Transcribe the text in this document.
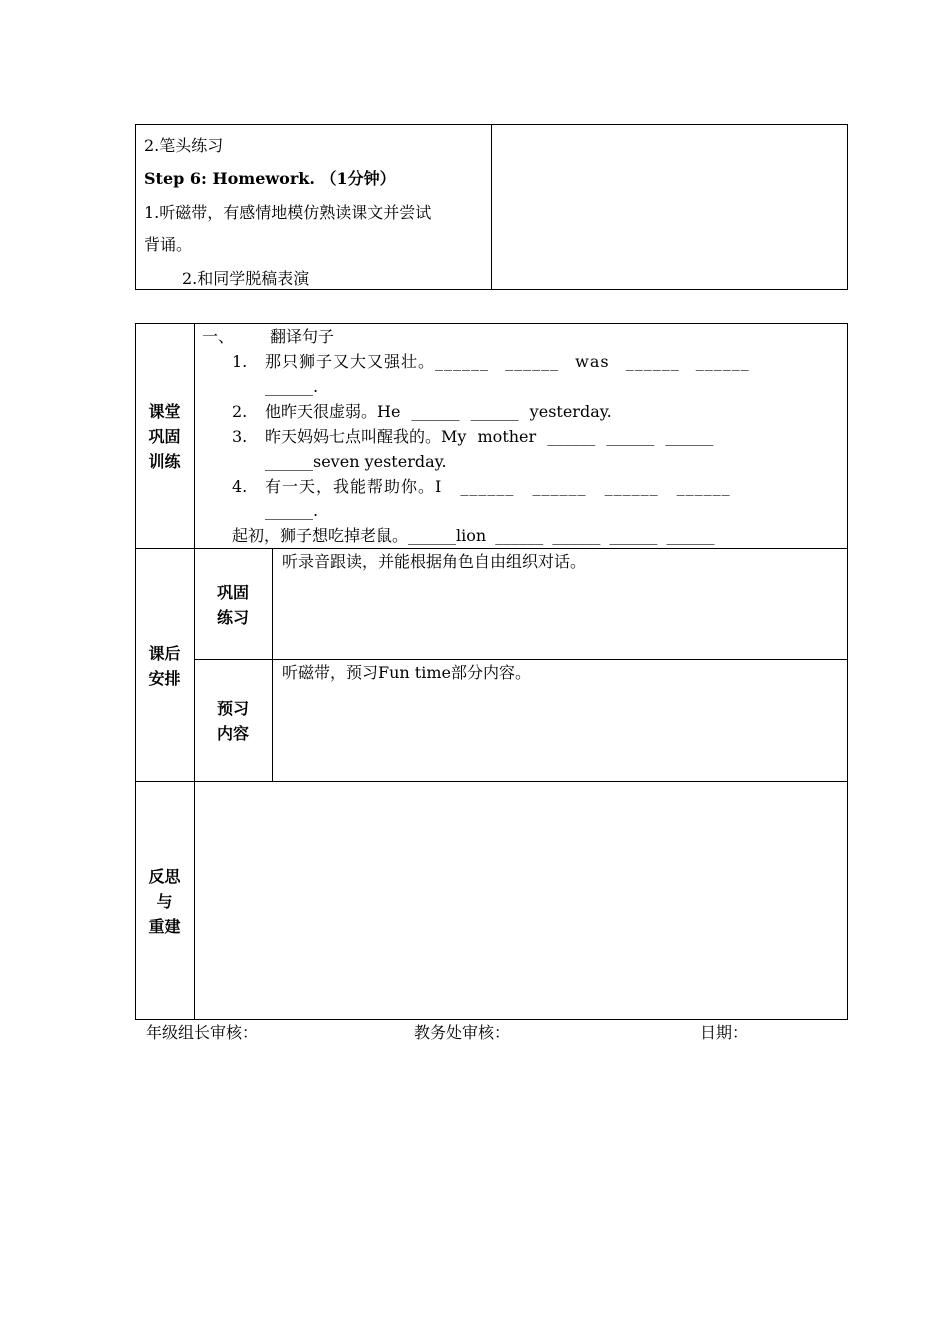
2.笔头练习
Step 6: Homework. （1分钟）
1.听磁带，有感情地模仿熟读课文并尝试
背诵。
2.和同学脱稿表演
课堂
巩固
训练
一、 翻译句子
1. 那只狮子又大又强壮。______ ______ was ______ ______
______.
2. 他昨天很虚弱。He ______ ______ yesterday.
3. 昨天妈妈七点叫醒我的。My mother ______ ______ ______
______seven yesterday.
4. 有一天，我能帮助你。I ______ ______ ______ ______
______.
起初，狮子想吃掉老鼠。______lion ______ ______ ______ ______
课后
安排
巩固
练习
听录音跟读，并能根据角色自由组织对话。
预习
内容
听磁带，预习Fun time部分内容。
反思
与
重建
年级组长审核：	教务处审核：	日期：
